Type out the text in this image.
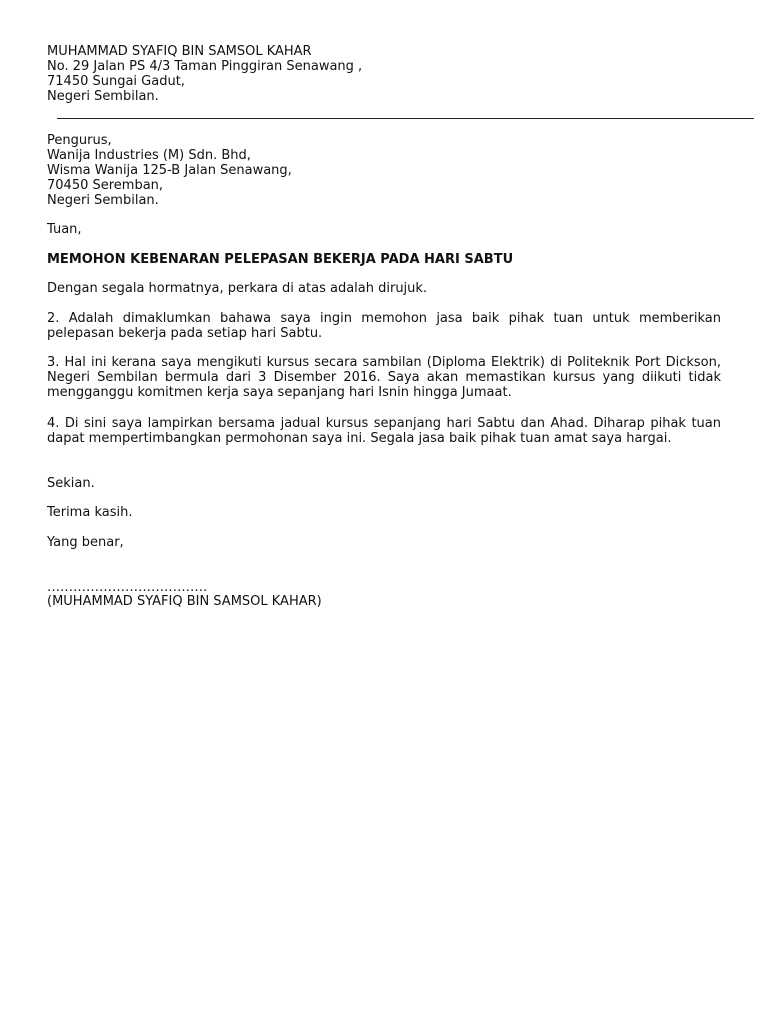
MUHAMMAD SYAFIQ BIN SAMSOL KAHAR
No. 29 Jalan PS 4/3 Taman Pinggiran Senawang ,
71450 Sungai Gadut,
Negeri Sembilan.
Pengurus,
Wanija Industries (M) Sdn. Bhd,
Wisma Wanija 125-B Jalan Senawang,
70450 Seremban,
Negeri Sembilan.
Tuan,
MEMOHON KEBENARAN PELEPASAN BEKERJA PADA HARI SABTU

Dengan segala hormatnya, perkara di atas adalah dirujuk.

2. Adalah dimaklumkan bahawa saya ingin memohon jasa baik pihak tuan untuk memberikan pelepasan bekerja pada setiap hari Sabtu.

3. Hal ini kerana saya mengikuti kursus secara sambilan (Diploma Elektrik) di Politeknik Port Dickson, Negeri Sembilan bermula dari 3 Disember 2016. Saya akan memastikan kursus yang diikuti tidak mengganggu komitmen kerja saya sepanjang hari Isnin hingga Jumaat.

4. Di sini saya lampirkan bersama jadual kursus sepanjang hari Sabtu dan Ahad. Diharap pihak tuan dapat mempertimbangkan permohonan saya ini. Segala jasa baik pihak tuan amat saya hargai.

Sekian.
Terima kasih.
Yang benar,
……………………………….
(MUHAMMAD SYAFIQ BIN SAMSOL KAHAR)
